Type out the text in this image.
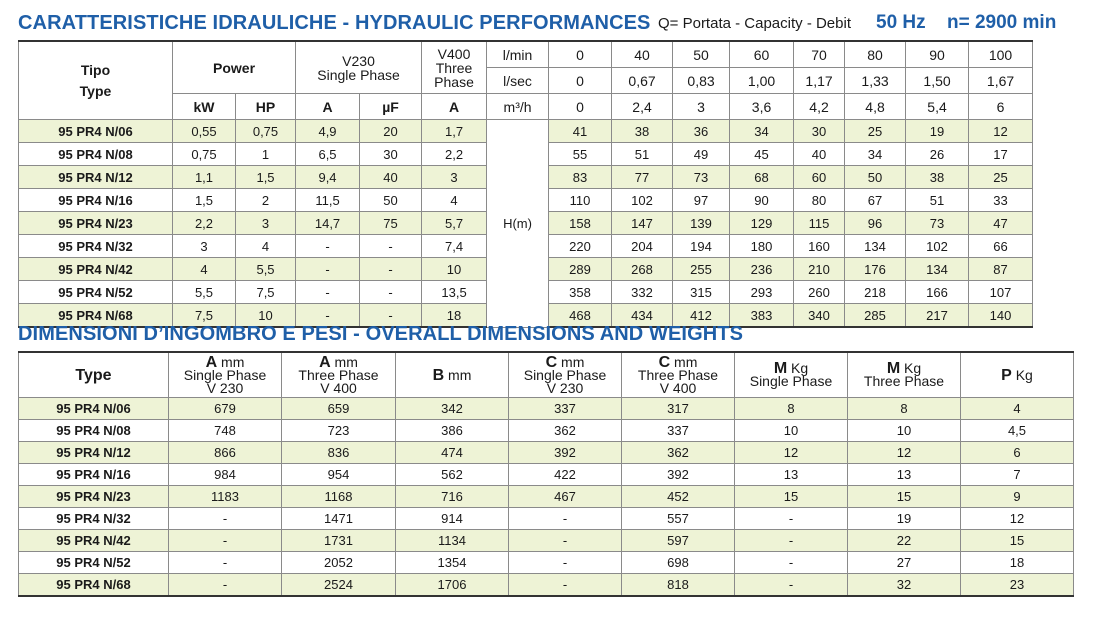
CARATTERISTICHE IDRAULICHE - HYDRAULIC PERFORMANCES Q= Portata - Capacity - Debit 50 Hz n= 2900 min
Tipo
Type	Power		V230
Single Phase		V400
Three
Phase	l/min	0	40	50	60	70	80	90	100
						l/sec	0	0,67	0,83	1,00	1,17	1,33	1,50	1,67
	kW	HP	A	µF	A	m³/h	0	2,4	3	3,6	4,2	4,8	5,4	6
95 PR4 N/06	0,55	0,75	4,9	20	1,7	H(m)	41	38	36	34	30	25	19	12
95 PR4 N/08	0,75	1	6,5	30	2,2		55	51	49	45	40	34	26	17
95 PR4 N/12	1,1	1,5	9,4	40	3		83	77	73	68	60	50	38	25
95 PR4 N/16	1,5	2	11,5	50	4		110	102	97	90	80	67	51	33
95 PR4 N/23	2,2	3	14,7	75	5,7		158	147	139	129	115	96	73	47
95 PR4 N/32	3	4	-	-	7,4		220	204	194	180	160	134	102	66
95 PR4 N/42	4	5,5	-	-	10		289	268	255	236	210	176	134	87
95 PR4 N/52	5,5	7,5	-	-	13,5		358	332	315	293	260	218	166	107
95 PR4 N/68	7,5	10	-	-	18		468	434	412	383	340	285	217	140
DIMENSIONI D’INGOMBRO E PESI - OVERALL DIMENSIONS AND WEIGHTS
Type	A mm
Single Phase
V 230	A mm
Three Phase
V 400	B mm	C mm
Single Phase
V 230	C mm
Three Phase
V 400	M Kg
Single Phase	M Kg
Three Phase	P Kg
95 PR4 N/06	679	659	342	337	317	8	8	4
95 PR4 N/08	748	723	386	362	337	10	10	4,5
95 PR4 N/12	866	836	474	392	362	12	12	6
95 PR4 N/16	984	954	562	422	392	13	13	7
95 PR4 N/23	1183	1168	716	467	452	15	15	9
95 PR4 N/32	-	1471	914	-	557	-	19	12
95 PR4 N/42	-	1731	1134	-	597	-	22	15
95 PR4 N/52	-	2052	1354	-	698	-	27	18
95 PR4 N/68	-	2524	1706	-	818	-	32	23
